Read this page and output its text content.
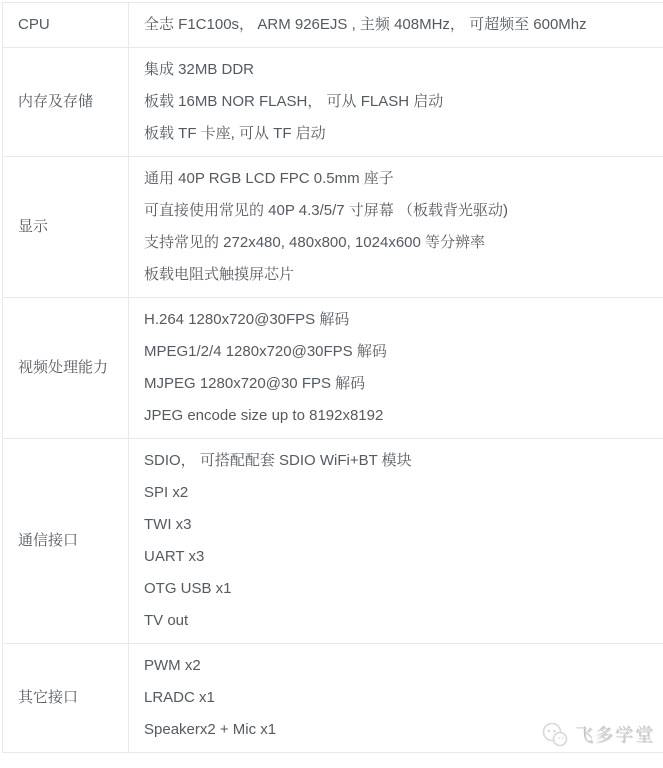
CPU	全志 F1C100s， ARM 926EJS , 主频 408MHz， 可超频至 600Mhz
内存及存储
集成 32MB DDR
板载 16MB NOR FLASH， 可从 FLASH 启动
板载 TF 卡座, 可从 TF 启动
显示
通用 40P RGB LCD FPC 0.5mm 座子
可直接使用常见的 40P 4.3/5/7 寸屏幕 （板载背光驱动)
支持常见的 272x480, 480x800, 1024x600 等分辨率
板载电阻式触摸屏芯片
视频处理能力
H.264 1280x720@30FPS 解码
MPEG1/2/4 1280x720@30FPS 解码
MJPEG 1280x720@30 FPS 解码
JPEG encode size up to 8192x8192
通信接口
SDIO， 可搭配配套 SDIO WiFi+BT 模块
SPI x2
TWI x3
UART x3
OTG USB x1
TV out
其它接口
PWM x2
LRADC x1
Speakerx2 + Mic x1	飞多学堂
